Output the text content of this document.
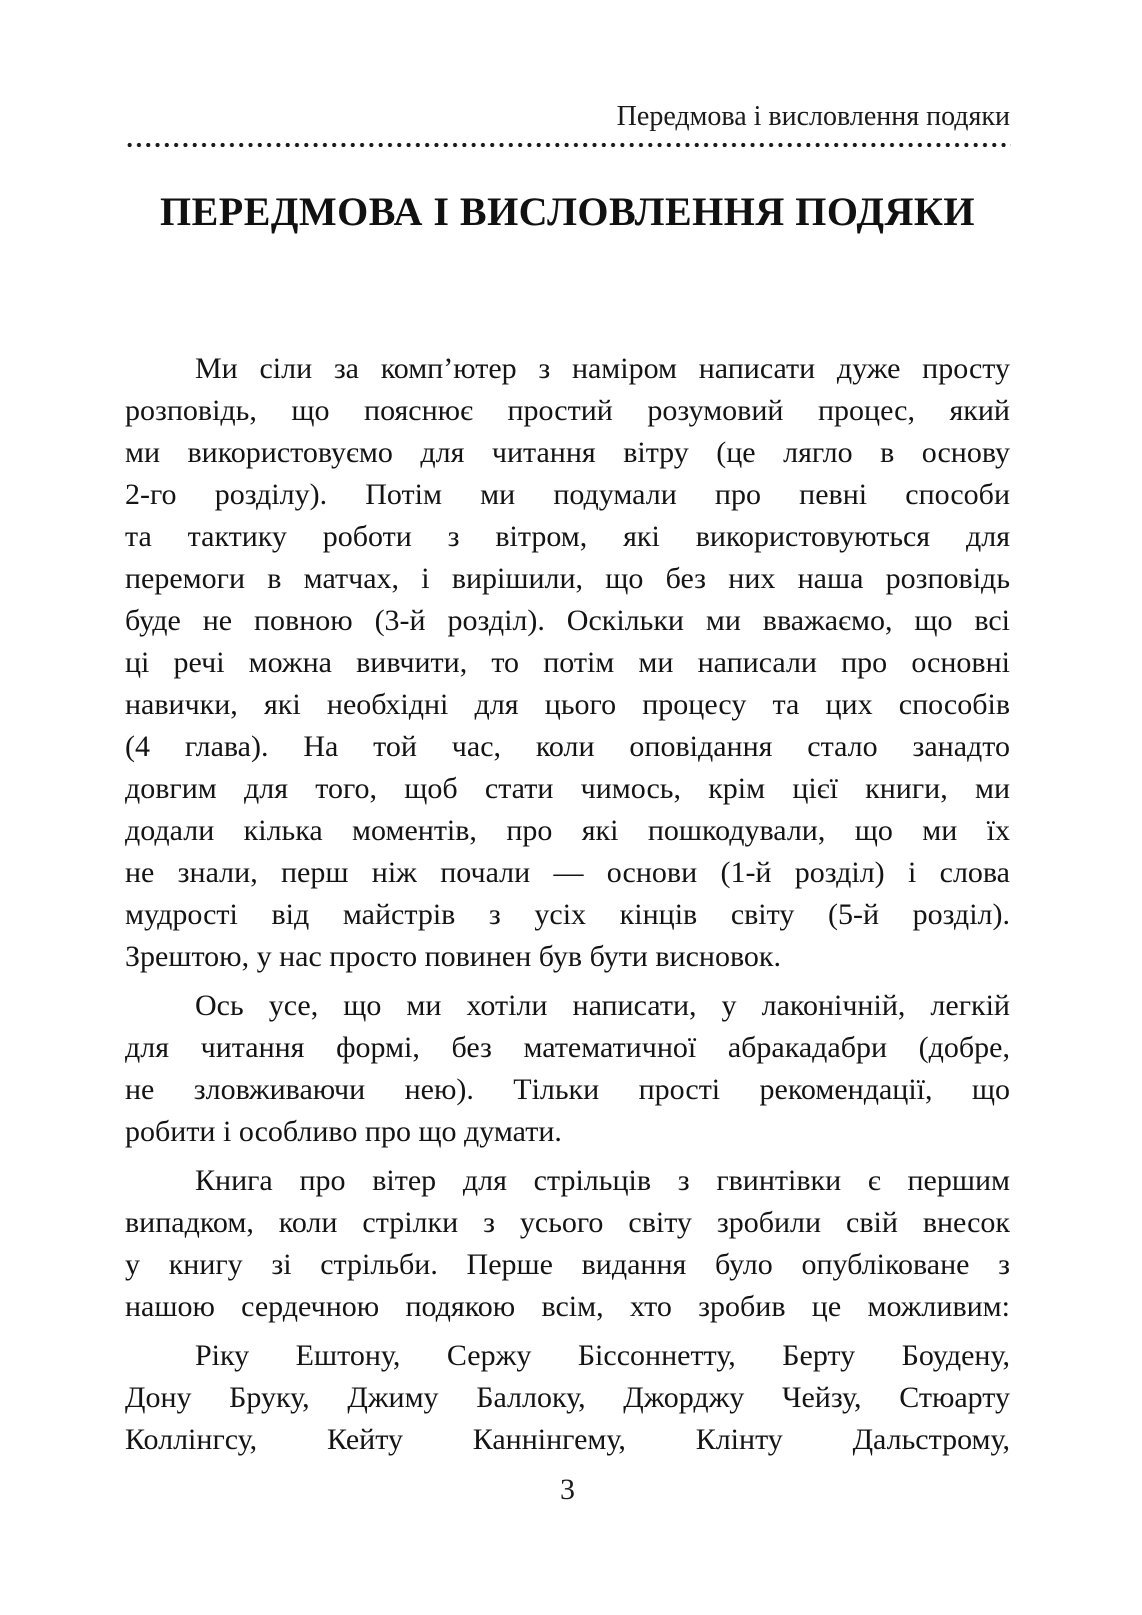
Передмова і висловлення подяки
ПЕРЕДМОВА І ВИСЛОВЛЕННЯ ПОДЯКИ
Ми сіли за комп’ютер з наміром написати дуже просту
розповідь, що пояснює простий розумовий процес, який
ми використовуємо для читання вітру (це лягло в основу
2-го розділу). Потім ми подумали про певні способи
та тактику роботи з вітром, які використовуються для
перемоги в матчах, і вирішили, що без них наша розповідь
буде не повною (3-й розділ). Оскільки ми вважаємо, що всі
ці речі можна вивчити, то потім ми написали про основні
навички, які необхідні для цього процесу та цих способів
(4 глава). На той час, коли оповідання стало занадто
довгим для того, щоб стати чимось, крім цієї книги, ми
додали кілька моментів, про які пошкодували, що ми їх
не знали, перш ніж почали — основи (1-й розділ) і слова
мудрості від майстрів з усіх кінців світу (5-й розділ).
Зрештою, у нас просто повинен був бути висновок.
Ось усе, що ми хотіли написати, у лаконічній, легкій
для читання формі, без математичної абракадабри (добре,
не зловживаючи нею). Тільки прості рекомендації, що
робити і особливо про що думати.
Книга про вітер для стрільців з гвинтівки є першим
випадком, коли стрілки з усього світу зробили свій внесок
у книгу зі стрільби. Перше видання було опубліковане з
нашою сердечною подякою всім, хто зробив це можливим:
Ріку Ештону, Сержу Біссоннетту, Берту Боудену,
Дону Бруку, Джиму Баллоку, Джорджу Чейзу, Стюарту
Коллінгсу, Кейту Каннінгему, Клінту Дальстрому,
3
